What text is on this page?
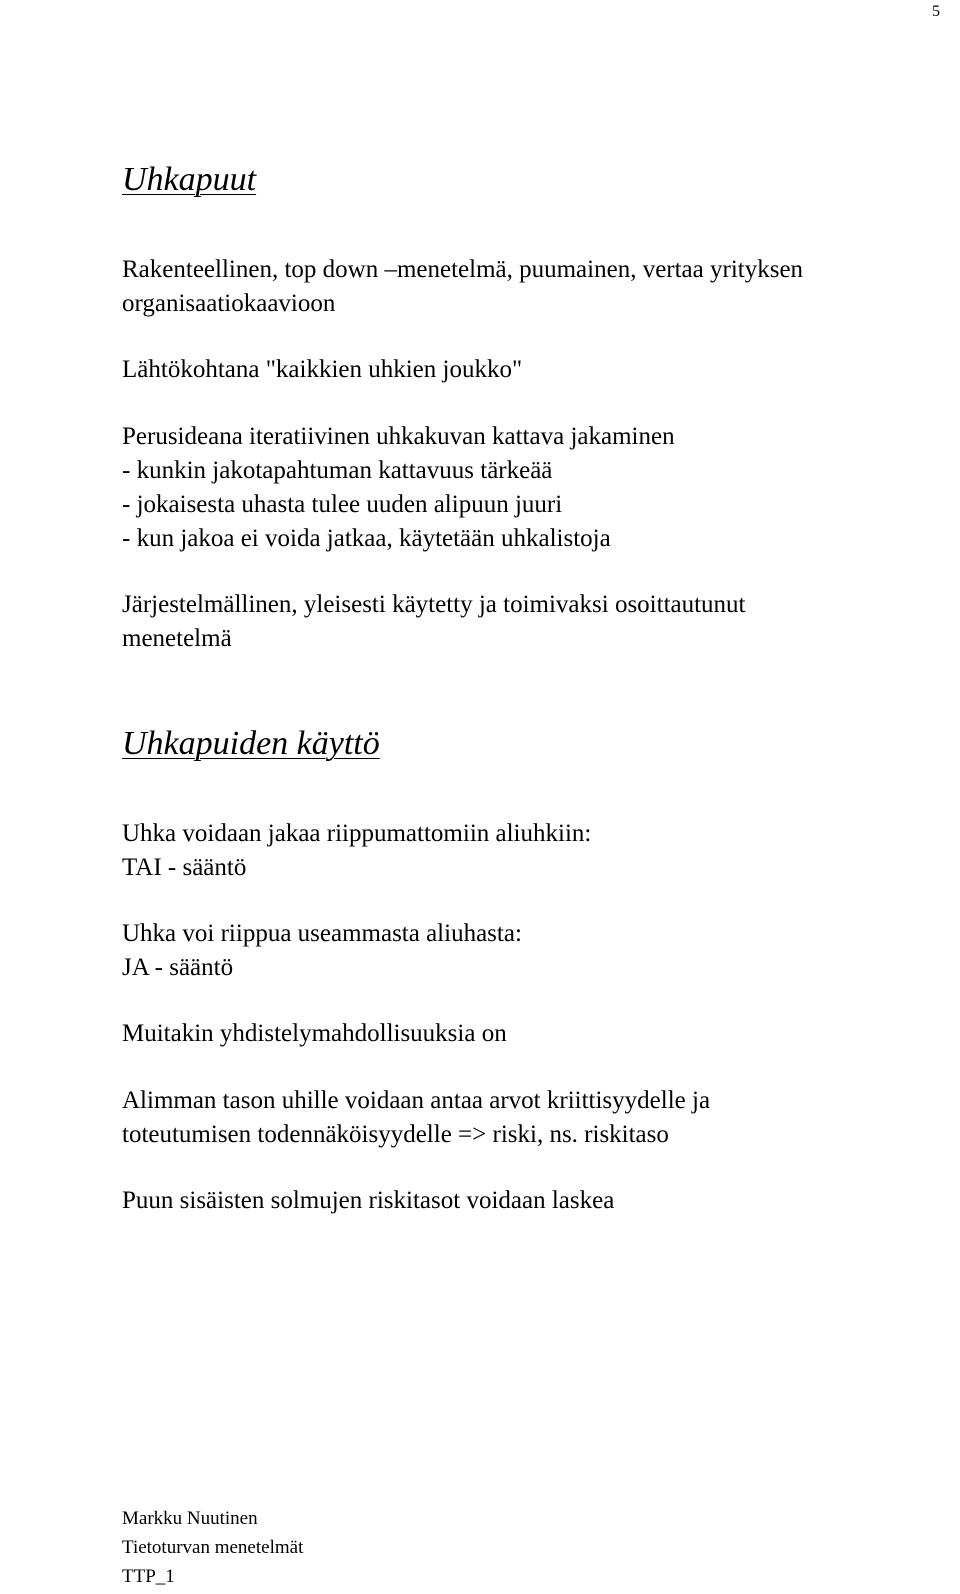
5
Uhkapuut
Rakenteellinen, top down –menetelmä, puumainen, vertaa yrityksen
organisaatiokaavioon
Lähtökohtana "kaikkien uhkien joukko"
Perusideana iteratiivinen uhkakuvan kattava jakaminen
- kunkin jakotapahtuman kattavuus tärkeää
- jokaisesta uhasta tulee uuden alipuun juuri
- kun jakoa ei voida jatkaa, käytetään uhkalistoja
Järjestelmällinen, yleisesti käytetty ja toimivaksi osoittautunut
menetelmä
Uhkapuiden käyttö
Uhka voidaan jakaa riippumattomiin aliuhkiin:
TAI - sääntö
Uhka voi riippua useammasta aliuhasta:
JA - sääntö
Muitakin yhdistelymahdollisuuksia on
Alimman tason uhille voidaan antaa arvot kriittisyydelle ja
toteutumisen todennäköisyydelle => riski, ns. riskitaso
Puun sisäisten solmujen riskitasot voidaan laskea
Markku Nuutinen
Tietoturvan menetelmät
TTP_1
